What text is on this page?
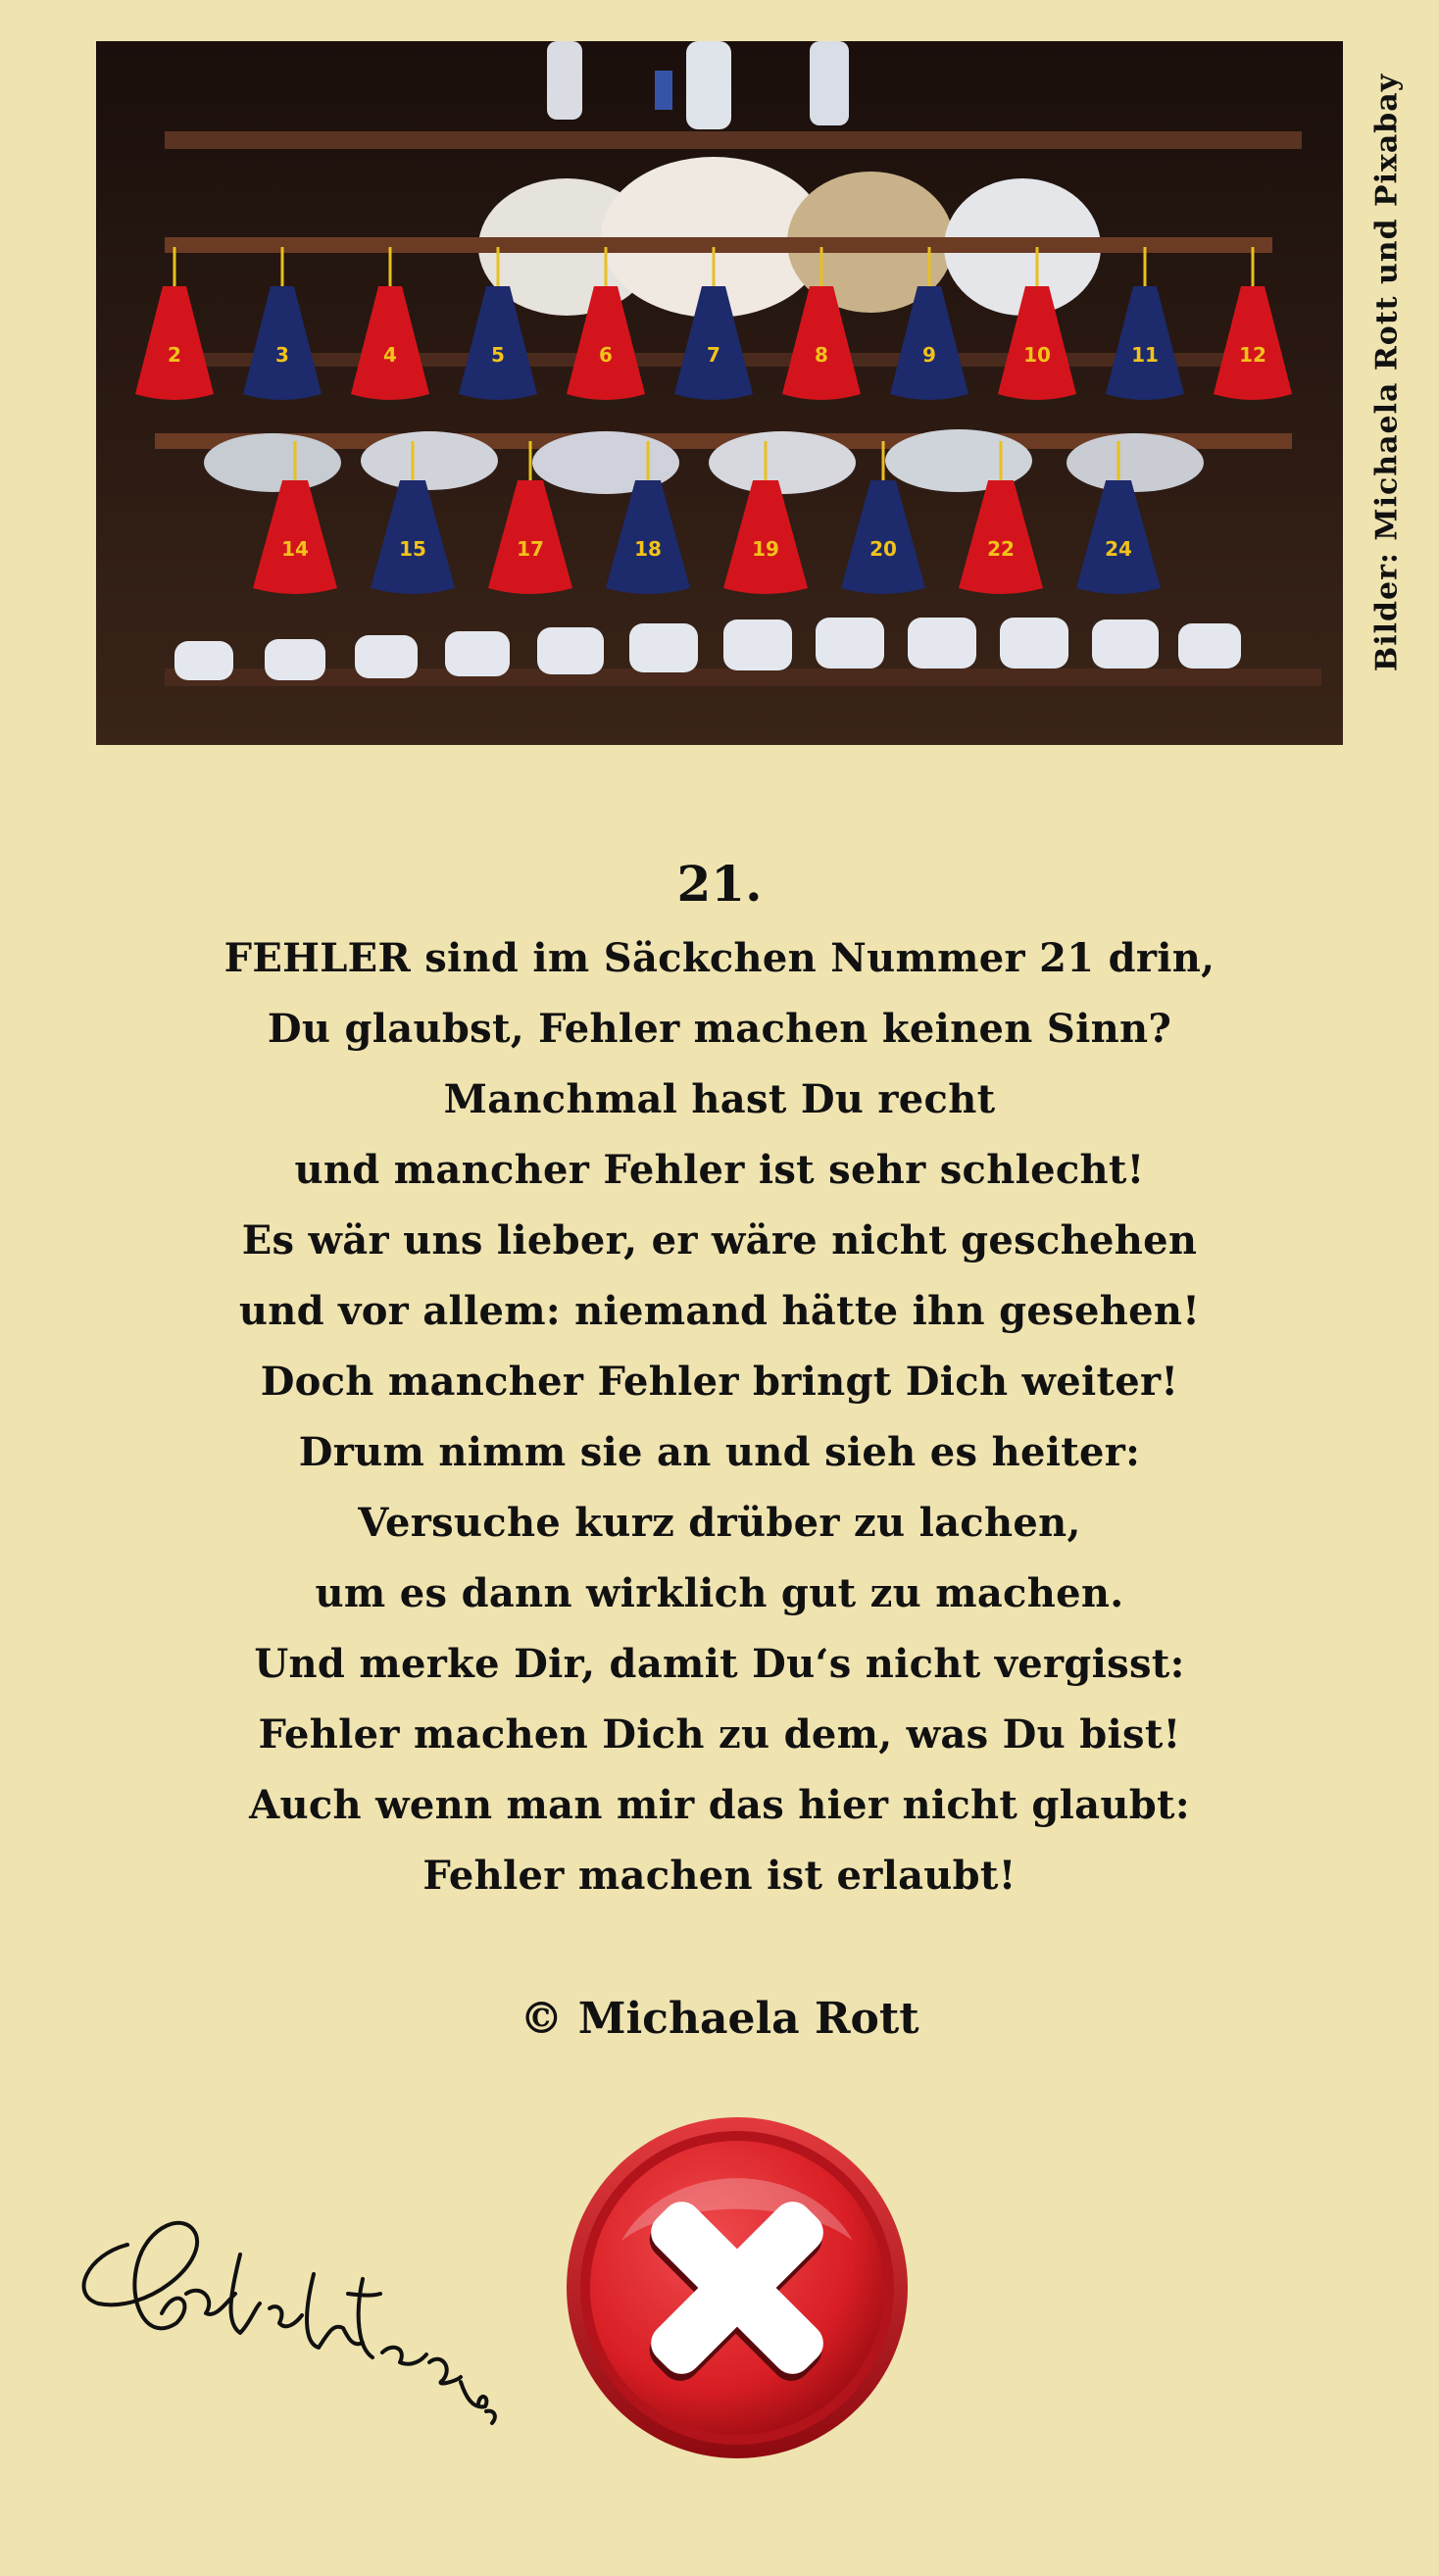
2	3	4	5	6	7	8	9	10	11	12
14	15	17	18	19	20	22	24	Bilder: Michaela Rott und Pixabay
21.
FEHLER sind im Säckchen Nummer 21 drin,
Du glaubst, Fehler machen keinen Sinn?
Manchmal hast Du recht
und mancher Fehler ist sehr schlecht!
Es wär uns lieber, er wäre nicht geschehen
und vor allem: niemand hätte ihn gesehen!
Doch mancher Fehler bringt Dich weiter!
Drum nimm sie an und sieh es heiter:
Versuche kurz drüber zu lachen,
um es dann wirklich gut zu machen.
Und merke Dir, damit Du‘s nicht vergisst:
Fehler machen Dich zu dem, was Du bist!
Auch wenn man mir das hier nicht glaubt:
Fehler machen ist erlaubt!
© Michaela Rott
